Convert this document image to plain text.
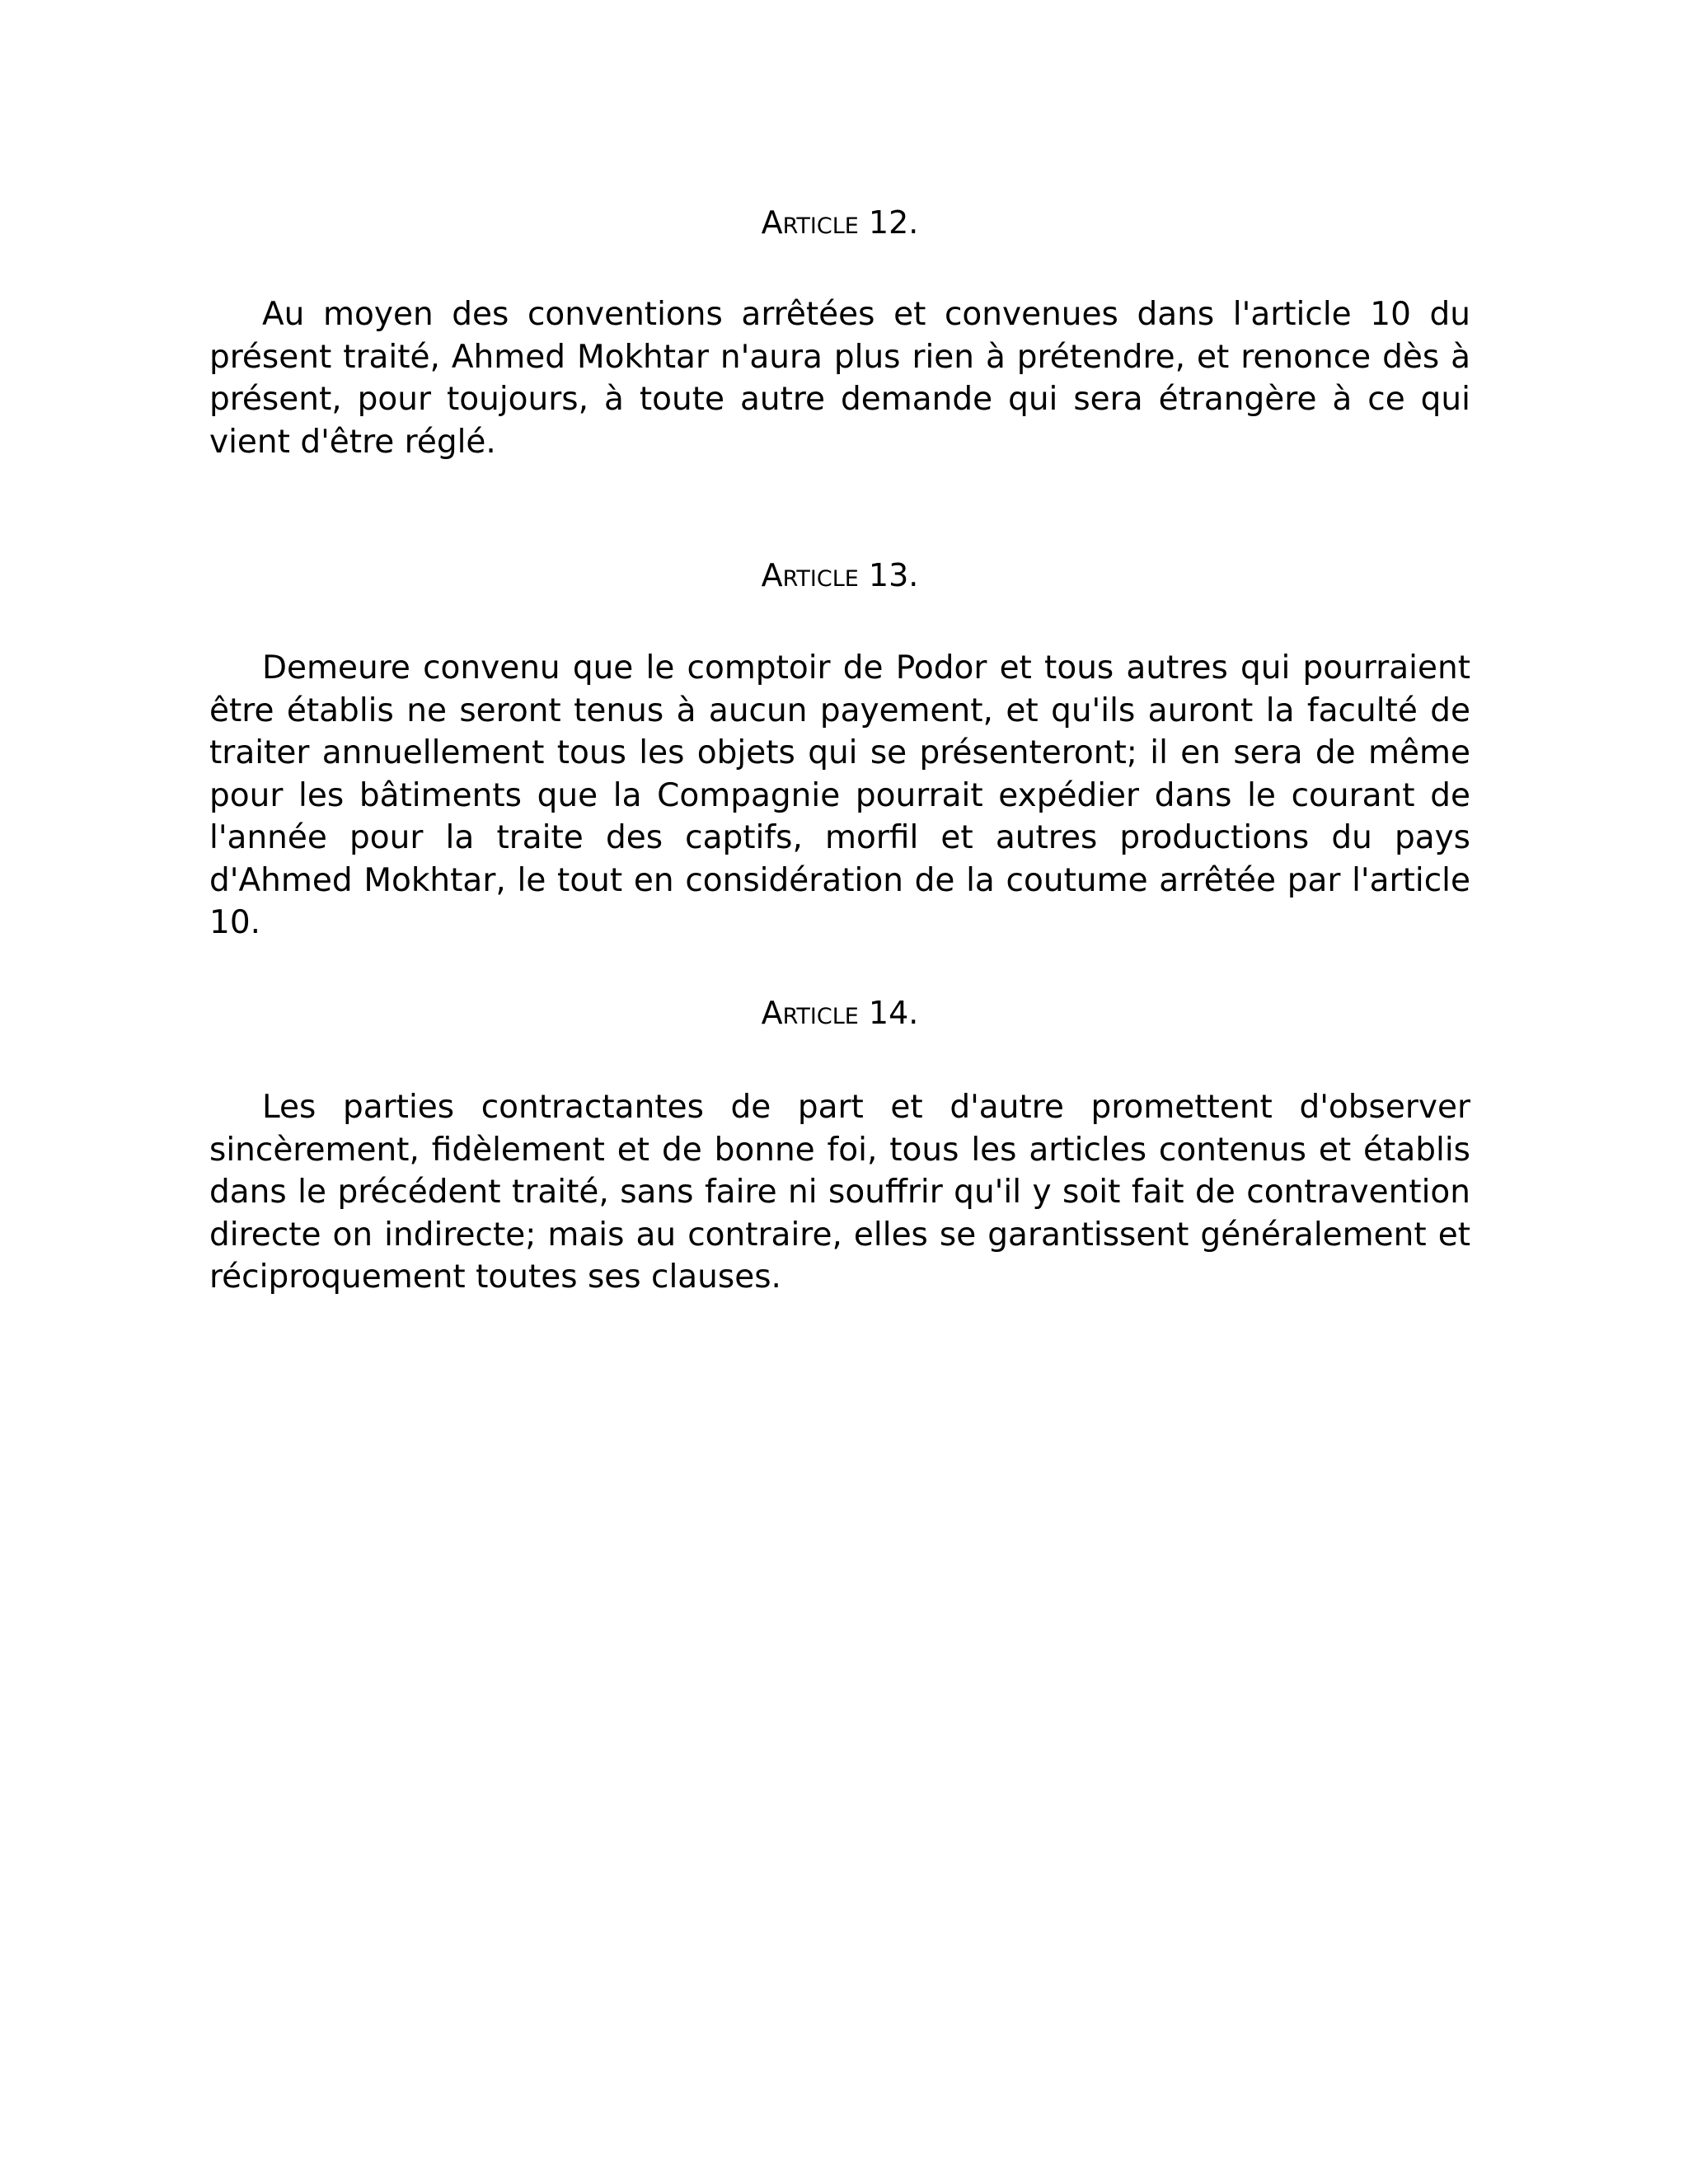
Article 12.

Au moyen des conventions arrêtées et convenues dans l'article 10 du présent traité, Ahmed Mokhtar n'aura plus rien à prétendre, et renonce dès à présent, pour toujours, à toute autre demande qui sera étrangère à ce qui vient d'être réglé.

Article 13.

Demeure convenu que le comptoir de Podor et tous autres qui pourraient être établis ne seront tenus à aucun payement, et qu'ils auront la faculté de traiter annuellement tous les objets qui se présenteront; il en sera de même pour les bâtiments que la Compagnie pourrait expédier dans le courant de l'année pour la traite des captifs, morfil et autres productions du pays d'Ahmed Mokhtar, le tout en considération de la coutume arrêtée par l'article 10.

Article 14.

Les parties contractantes de part et d'autre promettent d'observer sincèrement, fidèlement et de bonne foi, tous les articles contenus et établis dans le précédent traité, sans faire ni souffrir qu'il y soit fait de contravention directe on indirecte; mais au contraire, elles se garantissent généralement et réciproquement toutes ses clauses.
